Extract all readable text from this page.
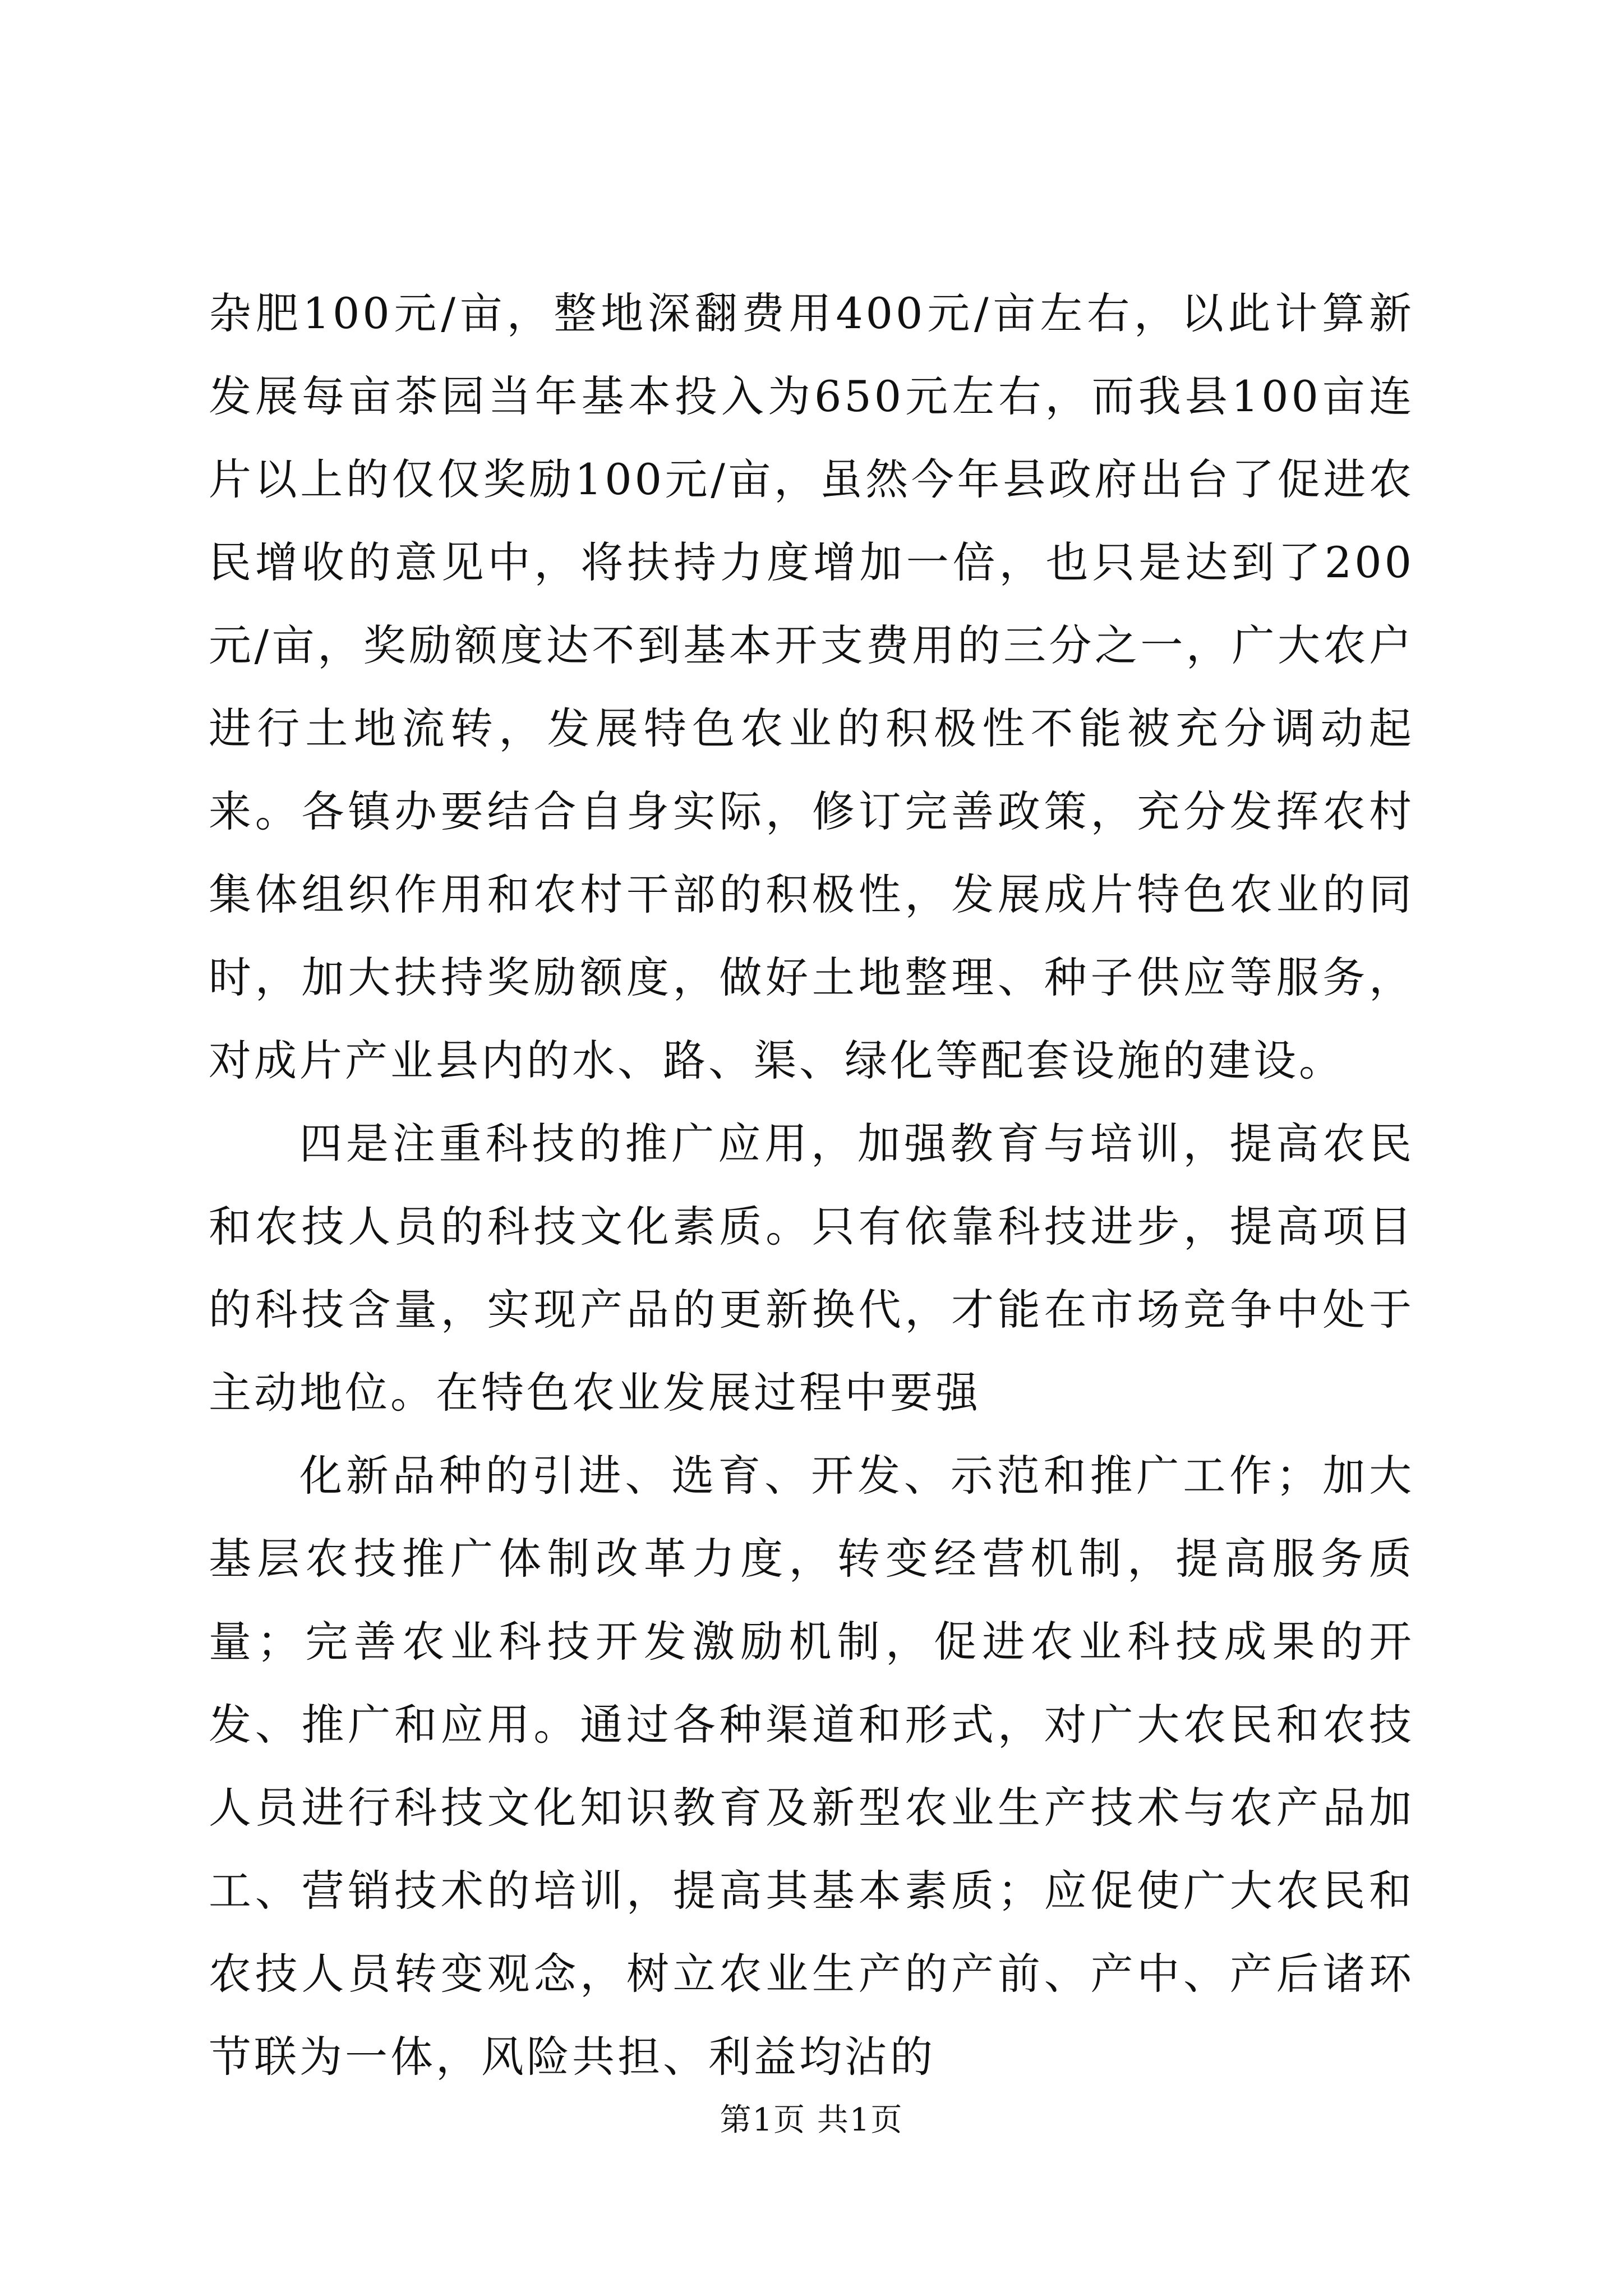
杂肥100元/亩，整地深翻费用400元/亩左右，以此计算新发展每亩茶园当年基本投入为650元左右，而我县100亩连片以上的仅仅奖励100元/亩，虽然今年县政府出台了促进农民增收的意见中，将扶持力度增加一倍，也只是达到了200元/亩，奖励额度达不到基本开支费用的三分之一，广大农户进行土地流转，发展特色农业的积极性不能被充分调动起来。各镇办要结合自身实际，修订完善政策，充分发挥农村集体组织作用和农村干部的积极性，发展成片特色农业的同时，加大扶持奖励额度，做好土地整理、种子供应等服务，对成片产业县内的水、路、渠、绿化等配套设施的建设。

四是注重科技的推广应用，加强教育与培训，提高农民和农技人员的科技文化素质。只有依靠科技进步，提高项目的科技含量，实现产品的更新换代，才能在市场竞争中处于主动地位。在特色农业发展过程中要强

化新品种的引进、选育、开发、示范和推广工作；加大基层农技推广体制改革力度，转变经营机制，提高服务质量；完善农业科技开发激励机制，促进农业科技成果的开发、推广和应用。通过各种渠道和形式，对广大农民和农技人员进行科技文化知识教育及新型农业生产技术与农产品加工、营销技术的培训，提高其基本素质；应促使广大农民和农技人员转变观念，树立农业生产的产前、产中、产后诸环节联为一体，风险共担、利益均沾的

第1页 共1页
